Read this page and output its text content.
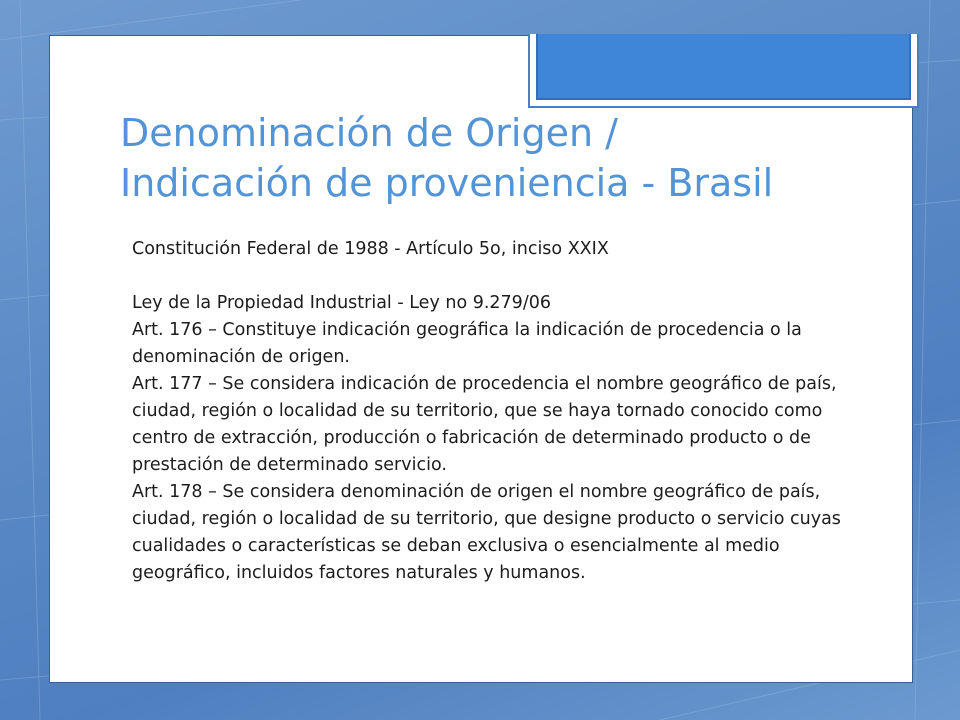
Denominación de Origen /
Indicación de proveniencia - Brasil

Constitución Federal de 1988 - Artículo 5o, inciso XXIX

Ley de la Propiedad Industrial - Ley no 9.279/06

Art. 176 – Constituye indicación geográfica la indicación de procedencia o la denominación de origen.

Art. 177 – Se considera indicación de procedencia el nombre geográfico de país, ciudad, región o localidad de su territorio, que se haya tornado conocido como centro de extracción, producción o fabricación de determinado producto o de prestación de determinado servicio.

Art. 178 – Se considera denominación de origen el nombre geográfico de país, ciudad, región o localidad de su territorio, que designe producto o servicio cuyas cualidades o características se deban exclusiva o esencialmente al medio geográfico, incluidos factores naturales y humanos.
